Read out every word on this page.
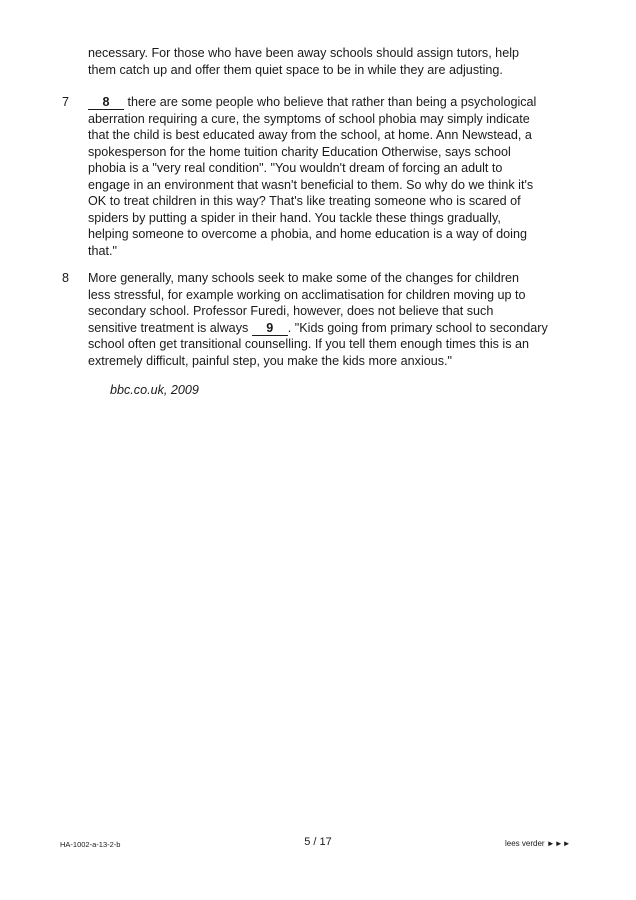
necessary. For those who have been away schools should assign tutors, help
them catch up and offer them quiet space to be in while they are adjusting.
7	8 there are some people who believe that rather than being a psychological
aberration requiring a cure, the symptoms of school phobia may simply indicate
that the child is best educated away from the school, at home. Ann Newstead, a
spokesperson for the home tuition charity Education Otherwise, says school
phobia is a "very real condition". "You wouldn't dream of forcing an adult to
engage in an environment that wasn't beneficial to them. So why do we think it's
OK to treat children in this way? That's like treating someone who is scared of
spiders by putting a spider in their hand. You tackle these things gradually,
helping someone to overcome a phobia, and home education is a way of doing
that."
8 More generally, many schools seek to make some of the changes for children
less stressful, for example working on acclimatisation for children moving up to
secondary school. Professor Furedi, however, does not believe that such
sensitive treatment is always 9 . "Kids going from primary school to secondary
school often get transitional counselling. If you tell them enough times this is an
extremely difficult, painful step, you make the kids more anxious."
bbc.co.uk, 2009
HA-1002-a-13-2-b	5 / 17	lees verder ►►►
